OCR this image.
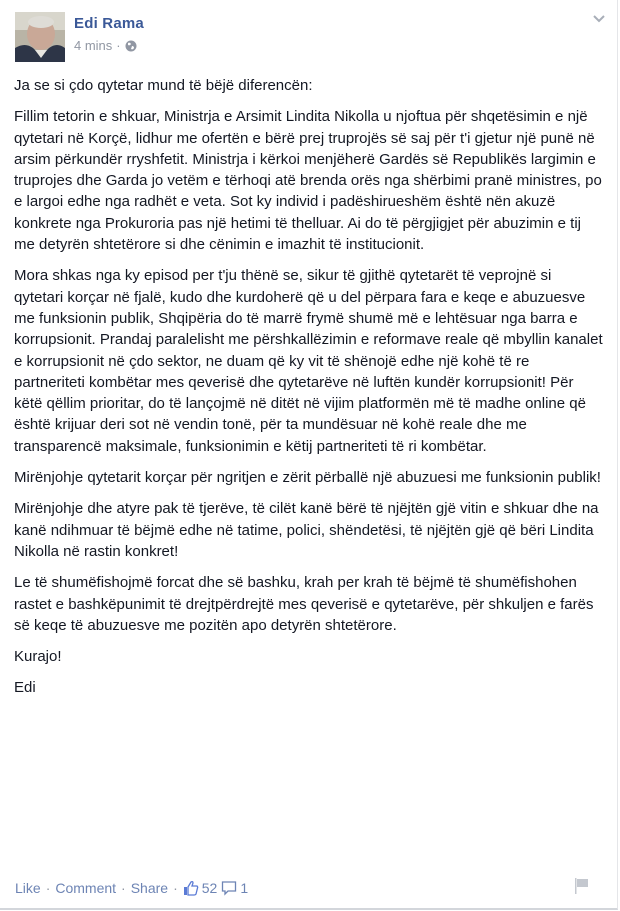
Edi Rama
4 mins ·

Ja se si çdo qytetar mund të bëjë diferencën:

Fillim tetorin e shkuar, Ministrja e Arsimit Lindita Nikolla u njoftua për shqetësimin e një qytetari në Korçë, lidhur me ofertën e bërë prej truprojës së saj për t'i gjetur një punë në arsim përkundër rryshfetit. Ministrja i kërkoi menjëherë Gardës së Republikës largimin e truprojes dhe Garda jo vetëm e tërhoqi atë brenda orës nga shërbimi pranë ministres, po e largoi edhe nga radhët e veta. Sot ky individ i padëshirueshëm është nën akuzë konkrete nga Prokuroria pas një hetimi të thelluar. Ai do të përgjigjet për abuzimin e tij me detyrën shtetërore si dhe cënimin e imazhit të institucionit.

Mora shkas nga ky episod per t'ju thënë se, sikur të gjithë qytetarët të veprojnë si qytetari korçar në fjalë, kudo dhe kurdoherë që u del përpara fara e keqe e abuzuesve me funksionin publik, Shqipëria do të marrë frymë shumë më e lehtësuar nga barra e korrupsionit. Prandaj paralelisht me përshkallëzimin e reformave reale që mbyllin kanalet e korrupsionit në çdo sektor, ne duam që ky vit të shënojë edhe një kohë të re partneriteti kombëtar mes qeverisë dhe qytetarëve në luftën kundër korrupsionit! Për këtë qëllim prioritar, do të lançojmë në ditët në vijim platformën më të madhe online që është krijuar deri sot në vendin tonë, për ta mundësuar në kohë reale dhe me transparencë maksimale, funksionimin e këtij partneriteti të ri kombëtar.

Mirënjohje qytetarit korçar për ngritjen e zërit përballë një abuzuesi me funksionin publik!

Mirënjohje dhe atyre pak të tjerëve, të cilët kanë bërë të njëjtën gjë vitin e shkuar dhe na kanë ndihmuar të bëjmë edhe në tatime, polici, shëndetësi, të njëjtën gjë që bëri Lindita Nikolla në rastin konkret!

Le të shumëfishojmë forcat dhe së bashku, krah per krah të bëjmë të shumëfishohen rastet e bashkëpunimit të drejtpërdrejtë mes qeverisë e qytetarëve, për shkuljen e farës së keqe të abuzuesve me pozitën apo detyrën shtetërore.

Kurajo!

Edi

Like · Comment · Share · 52 1
